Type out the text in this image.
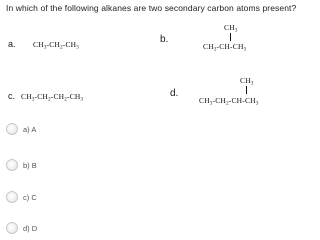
In which of the following alkanes are two secondary carbon atoms present?
a. $CH_3-CH_2-CH_3$
b.
$CH_3$
$CH_3-CH-CH_3$
c. $CH_3-CH_2-CH_2-CH_3$
d.
$CH_3$
$CH_3-CH_2-CH-CH_3$
a) A
b) B
c) C
d) D
